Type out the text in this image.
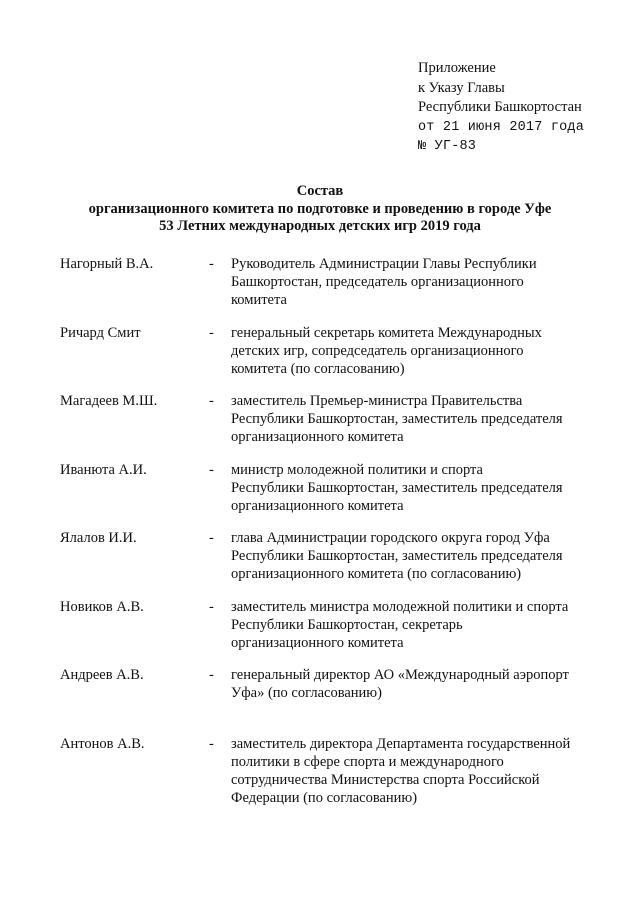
Приложение
к Указу Главы
Республики Башкортостан
от 21 июня 2017 года
№ УГ-83
Состав
организационного комитета по подготовке и проведению в городе Уфе
53 Летних международных детских игр 2019 года
Нагорный В.А.	- Руководитель Администрации Главы Республики
Башкортостан, председатель организационного
комитета
Ричард Смит	- генеральный секретарь комитета Международных
детских игр, сопредседатель организационного
комитета (по согласованию)
Магадеев М.Ш.	- заместитель Премьер-министра Правительства
Республики Башкортостан, заместитель председателя
организационного комитета
Иванюта А.И.	- министр молодежной политики и спорта
Республики Башкортостан, заместитель председателя
организационного комитета
Ялалов И.И.	- глава Администрации городского округа город Уфа
Республики Башкортостан, заместитель председателя
организационного комитета (по согласованию)
Новиков А.В.	- заместитель министра молодежной политики и спорта
Республики Башкортостан, секретарь
организационного комитета
Андреев А.В.	- генеральный директор АО «Международный аэропорт
Уфа» (по согласованию)
Антонов А.В.	- заместитель директора Департамента государственной
политики в сфере спорта и международного
сотрудничества Министерства спорта Российской
Федерации (по согласованию)
